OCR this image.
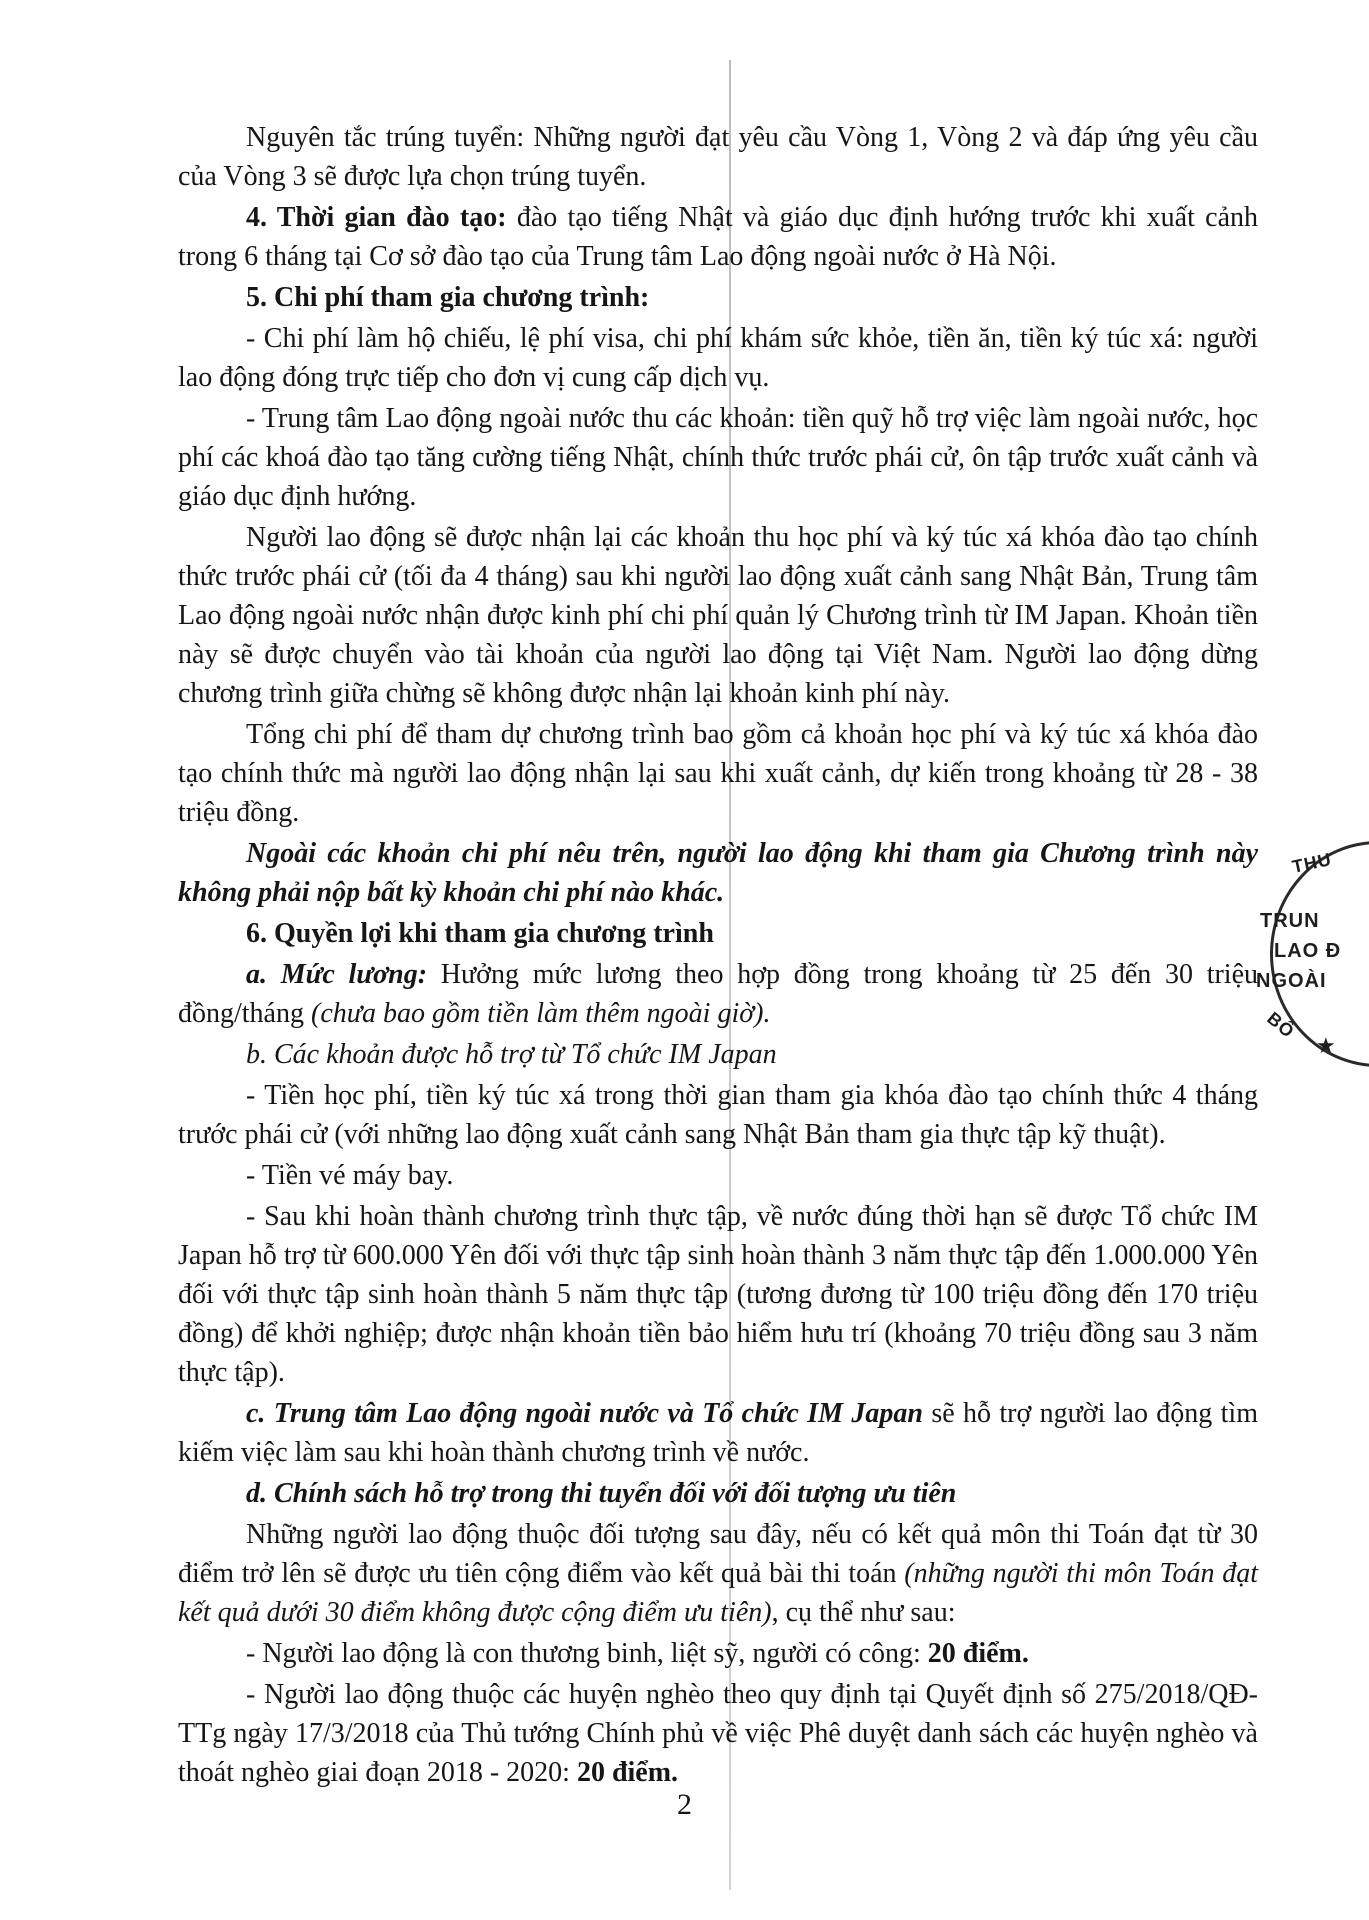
Nguyên tắc trúng tuyển: Những người đạt yêu cầu Vòng 1, Vòng 2 và đáp ứng yêu cầu của Vòng 3 sẽ được lựa chọn trúng tuyển.

4. Thời gian đào tạo: đào tạo tiếng Nhật và giáo dục định hướng trước khi xuất cảnh trong 6 tháng tại Cơ sở đào tạo của Trung tâm Lao động ngoài nước ở Hà Nội.

5. Chi phí tham gia chương trình:

- Chi phí làm hộ chiếu, lệ phí visa, chi phí khám sức khỏe, tiền ăn, tiền ký túc xá: người lao động đóng trực tiếp cho đơn vị cung cấp dịch vụ.

- Trung tâm Lao động ngoài nước thu các khoản: tiền quỹ hỗ trợ việc làm ngoài nước, học phí các khoá đào tạo tăng cường tiếng Nhật, chính thức trước phái cử, ôn tập trước xuất cảnh và giáo dục định hướng.

Người lao động sẽ được nhận lại các khoản thu học phí và ký túc xá khóa đào tạo chính thức trước phái cử (tối đa 4 tháng) sau khi người lao động xuất cảnh sang Nhật Bản, Trung tâm Lao động ngoài nước nhận được kinh phí chi phí quản lý Chương trình từ IM Japan. Khoản tiền này sẽ được chuyển vào tài khoản của người lao động tại Việt Nam. Người lao động dừng chương trình giữa chừng sẽ không được nhận lại khoản kinh phí này.

Tổng chi phí để tham dự chương trình bao gồm cả khoản học phí và ký túc xá khóa đào tạo chính thức mà người lao động nhận lại sau khi xuất cảnh, dự kiến trong khoảng từ 28 - 38 triệu đồng.

Ngoài các khoản chi phí nêu trên, người lao động khi tham gia Chương trình này không phải nộp bất kỳ khoản chi phí nào khác.

6. Quyền lợi khi tham gia chương trình

a. Mức lương: Hưởng mức lương theo hợp đồng trong khoảng từ 25 đến 30 triệu đồng/tháng (chưa bao gồm tiền làm thêm ngoài giờ).

b. Các khoản được hỗ trợ từ Tổ chức IM Japan

- Tiền học phí, tiền ký túc xá trong thời gian tham gia khóa đào tạo chính thức 4 tháng trước phái cử (với những lao động xuất cảnh sang Nhật Bản tham gia thực tập kỹ thuật).

- Tiền vé máy bay.

- Sau khi hoàn thành chương trình thực tập, về nước đúng thời hạn sẽ được Tổ chức IM Japan hỗ trợ từ 600.000 Yên đối với thực tập sinh hoàn thành 3 năm thực tập đến 1.000.000 Yên đối với thực tập sinh hoàn thành 5 năm thực tập (tương đương từ 100 triệu đồng đến 170 triệu đồng) để khởi nghiệp; được nhận khoản tiền bảo hiểm hưu trí (khoảng 70 triệu đồng sau 3 năm thực tập).

c. Trung tâm Lao động ngoài nước và Tổ chức IM Japan sẽ hỗ trợ người lao động tìm kiếm việc làm sau khi hoàn thành chương trình về nước.

d. Chính sách hỗ trợ trong thi tuyển đối với đối tượng ưu tiên

Những người lao động thuộc đối tượng sau đây, nếu có kết quả môn thi Toán đạt từ 30 điểm trở lên sẽ được ưu tiên cộng điểm vào kết quả bài thi toán (những người thi môn Toán đạt kết quả dưới 30 điểm không được cộng điểm ưu tiên), cụ thể như sau:

- Người lao động là con thương binh, liệt sỹ, người có công: 20 điểm.

- Người lao động thuộc các huyện nghèo theo quy định tại Quyết định số 275/2018/QĐ-TTg ngày 17/3/2018 của Thủ tướng Chính phủ về việc Phê duyệt danh sách các huyện nghèo và thoát nghèo giai đoạn 2018 - 2020: 20 điểm.

2
THU
TRUN
LAO Đ
NGOÀI
BÔ
★
